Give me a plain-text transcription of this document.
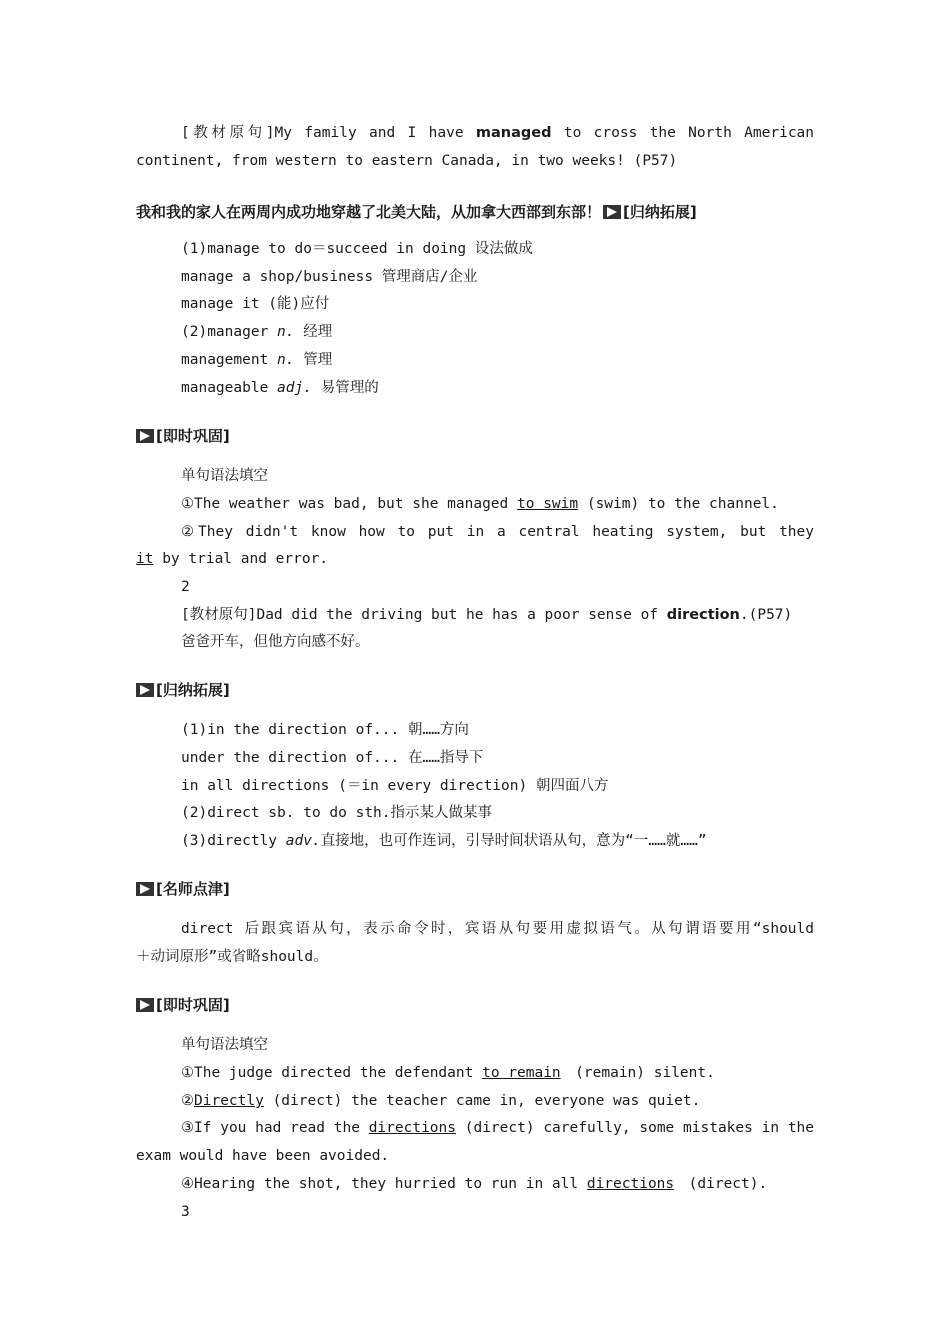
[教材原句]My family and I have managed to cross the North American
continent, from western to eastern Canada, in two weeks! (P57)
我和我的家人在两周内成功地穿越了北美大陆，从加拿大西部到东部！ [归纳拓展]
(1)manage to do＝succeed in doing 设法做成
manage a shop/business 管理商店/企业
manage it (能)应付
(2)manager n. 经理
management n. 管理
manageable adj. 易管理的
[即时巩固]
单句语法填空
①The weather was bad, but she managed to swim (swim) to the channel.
②They didn't know how to put in a central heating system, but they
it by trial and error.
2
[教材原句]Dad did the driving but he has a poor sense of direction.(P57)
爸爸开车，但他方向感不好。
[归纳拓展]
(1)in the direction of... 朝……方向
under the direction of... 在……指导下
in all directions (＝in every direction) 朝四面八方
(2)direct sb. to do sth.指示某人做某事
(3)directly adv.直接地，也可作连词，引导时间状语从句，意为“一……就……”
[名师点津]
direct 后跟宾语从句，表示命令时，宾语从句要用虚拟语气。从句谓语要用“should
＋动词原形”或省略should。
[即时巩固]
单句语法填空
①The judge directed the defendant to remain　(remain) silent.
②Directly (direct) the teacher came in, everyone was quiet.
③If you had read the directions (direct) carefully, some mistakes in the
exam would have been avoided.
④Hearing the shot, they hurried to run in all directions　(direct).
3
